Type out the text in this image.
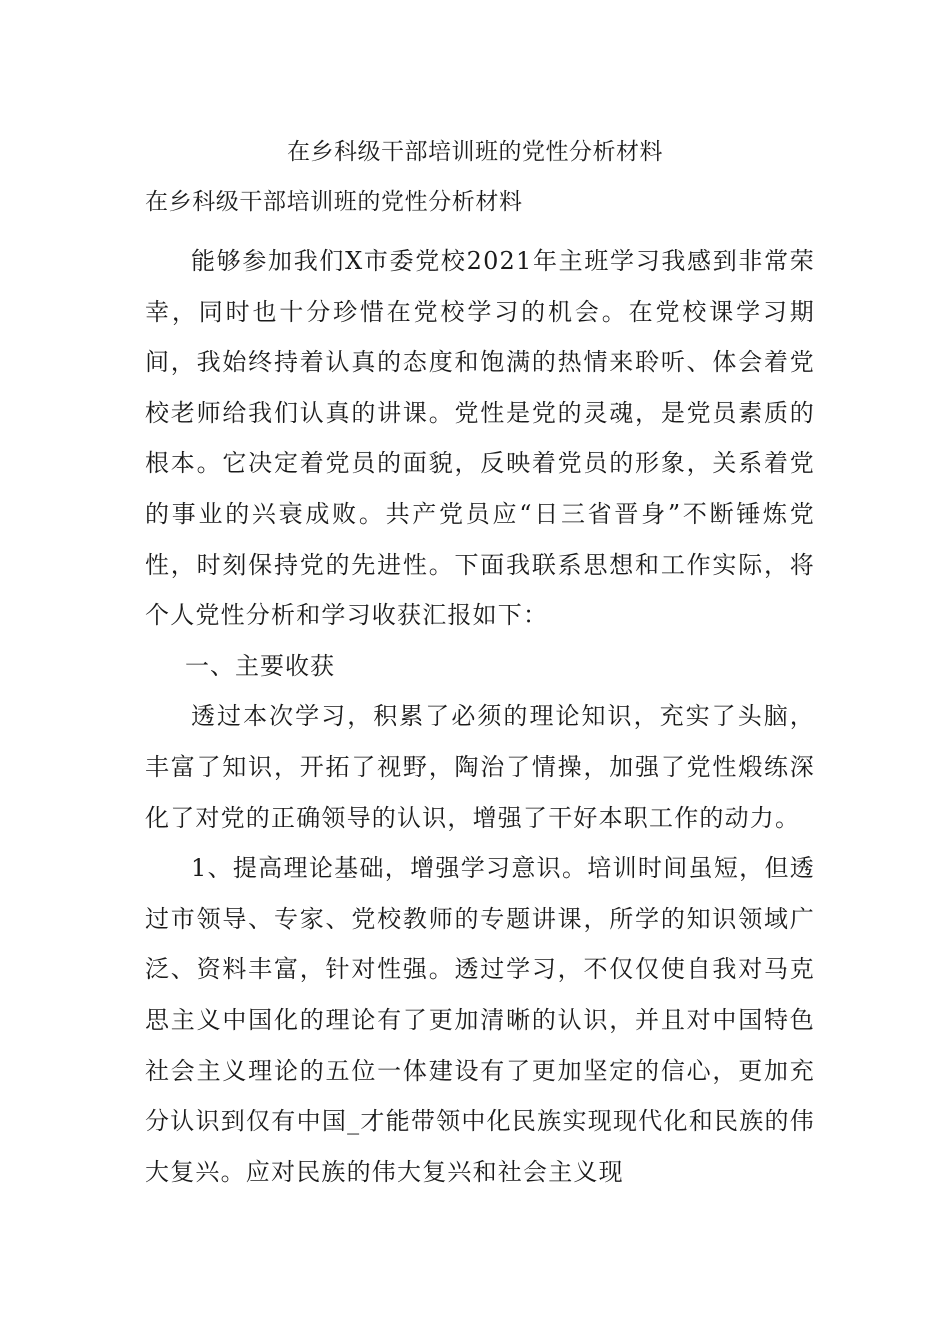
在乡科级干部培训班的党性分析材料

在乡科级干部培训班的党性分析材料

能够参加我们X市委党校2021年主班学习我感到非常荣幸，同时也十分珍惜在党校学习的机会。在党校课学习期间，我始终持着认真的态度和饱满的热情来聆听、体会着党校老师给我们认真的讲课。党性是党的灵魂，是党员素质的根本。它决定着党员的面貌，反映着党员的形象，关系着党的事业的兴衰成败。共产党员应“日三省晋身”不断锤炼党性，时刻保持党的先进性。下面我联系思想和工作实际，将个人党性分析和学习收获汇报如下：

一、主要收获

透过本次学习，积累了必须的理论知识，充实了头脑，丰富了知识，开拓了视野，陶治了情操，加强了党性煅练深化了对党的正确领导的认识，增强了干好本职工作的动力。

1、提高理论基础，增强学习意识。培训时间虽短，但透过市领导、专家、党校教师的专题讲课，所学的知识领域广泛、资料丰富，针对性强。透过学习，不仅仅使自我对马克思主义中国化的理论有了更加清晰的认识，并且对中国特色社会主义理论的五位一体建设有了更加坚定的信心，更加充分认识到仅有中国_才能带领中化民族实现现代化和民族的伟大复兴。应对民族的伟大复兴和社会主义现
